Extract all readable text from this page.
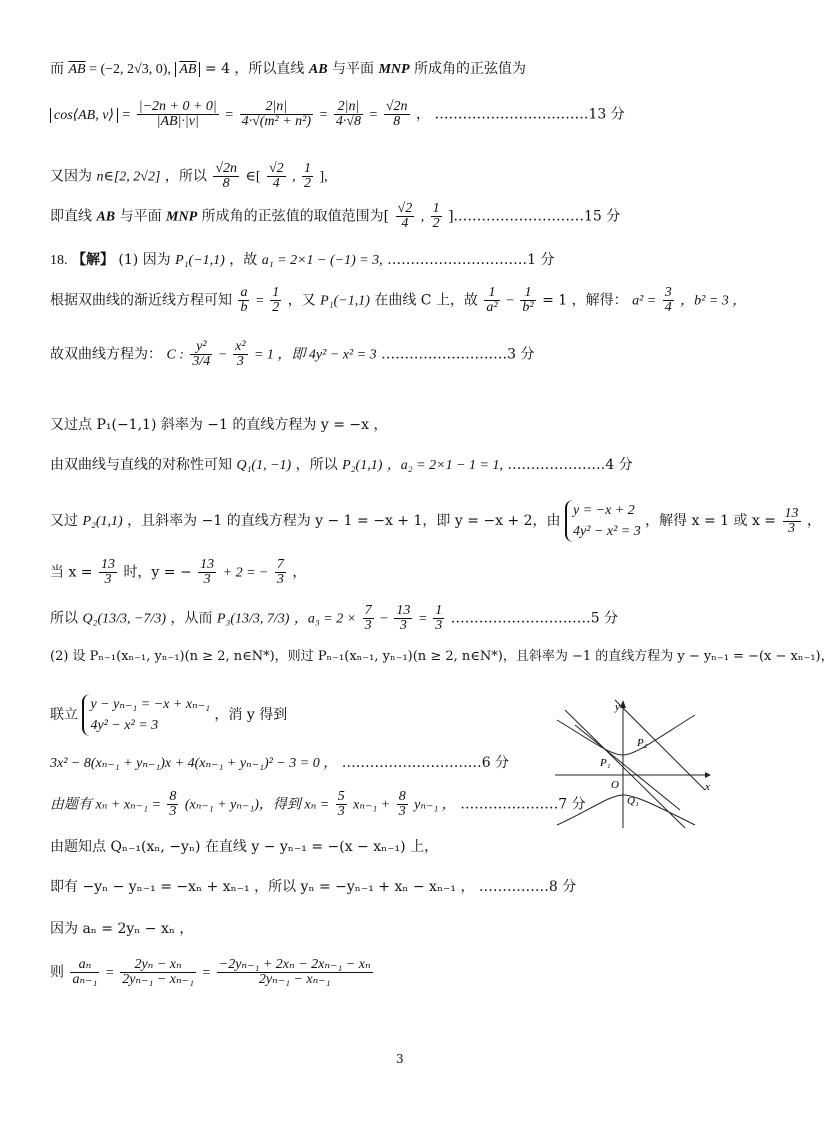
而 $\overline{AB} = (-2$, 2√3, 0), $\overline{AB} = 4$ ，所以直线 AB 与平面 MNP 所成角的正弦值为
cos⟨AB, v⟩ = $\frac{|-2n + 0 + 0|}{|AB|\cdot|v|} = \frac{2|n|}{\text{4·√(m² + n²)}} = \frac{2|n|}{4\cdot√8} = \frac{√2n}{8}$ ， ……………………………13 分
又因为 n∈[2, 2√2] ，所以 $\frac{√2n}{8}$ ∈[ $\frac{√2}{4}$ , $\frac{1}{2}$ ],
即直线 AB 与平面 MNP 所成角的正弦值的取值范围为[ $\frac{√2}{4}$ , $\frac{1}{2}$ ].………………………15 分
18. 【解】 (1) 因为 P₁(−1,1) ，故 a₁ = 2×1 − (−1) = 3, …………………………1 分
根据双曲线的渐近线方程可知 $\frac{a}{b} = \frac{1}{2}$ ，又 P₁(−1,1) 在曲线 C 上，故 $\frac{1}{\text{a²}} - \frac{1}{\text{b²}} = 1$ ，解得： $a^2 = \frac{3}{4}$ ，b² = 3 ，
故双曲线方程为： C : $\frac{\text{y²}}{3/4} - \frac{\text{x²}}{3} = 1$ ，即 4y² − x² = 3 ………………………3 分
又过点 P₁(−1,1) 斜率为 −1 的直线方程为 y = −x ，
由双曲线与直线的对称性可知 Q₁(1, −1) ，所以 P₂(1,1) ，a₂ = 2×1 − 1 = 1, …………………4 分
又过 P₂(1,1) ，且斜率为 −1 的直线方程为 y − 1 = −x + 1，即 y = −x + 2，由 y = −x + 2
4y² − x² = 3 ，解得 x = 1 或 $x = \frac{13}{3}$ ，
当 $x = \frac{13}{3}$ 时，y = − $\frac{13}{3} + 2$ = − $\frac{7}{3}$ ，
所以 Q₂(13/3, −7/3) ，从而 P₃(13/3, 7/3) ，$a_3 = 2 \times \frac{7}{3} - \frac{13}{3} = \frac{1}{3}$ …………………………5 分
(2) 设 Pₙ₋₁(xₙ₋₁, yₙ₋₁)(n ≥ 2, n∈N*)，则过 Pₙ₋₁(xₙ₋₁, yₙ₋₁)(n ≥ 2, n∈N*)，且斜率为 −1 的直线方程为 y − yₙ₋₁ = −(x − xₙ₋₁)，
联立 y − yₙ₋₁ = −x + xₙ₋₁
4y² − x² = 3 ，消 y 得到
3x² − 8(xₙ₋₁ + yₙ₋₁)x + 4(xₙ₋₁ + yₙ₋₁)² − 3 = 0 ， …………………………6 分
由题有 $x_n + x_{n-1} = \frac{8}{3} (x_{n-1} + y_{n-1})$，得到 $x_n = \frac{5}{3} x_{n-1} + \frac{8}{3} y_{n-1}$ ， …………………7 分
由题知点 Qₙ₋₁(xₙ, −yₙ) 在直线 y − yₙ₋₁ = −(x − xₙ₋₁) 上，
即有 −yₙ − yₙ₋₁ = −xₙ + xₙ₋₁ ，所以 yₙ = −yₙ₋₁ + xₙ − xₙ₋₁ ， ……………8 分
因为 aₙ = 2yₙ − xₙ ，
则 $\frac{\text{aₙ}}{\text{aₙ₋₁}} = \frac{\text{2yₙ − xₙ}}{\text{2yₙ₋₁ − xₙ₋₁}} = \frac{\text{−2yₙ₋₁ + 2xₙ − 2xₙ₋₁ − xₙ}}{\text{2yₙ₋₁ − xₙ₋₁}}$
x
y
P₁
P₂
O
Q₁
3
